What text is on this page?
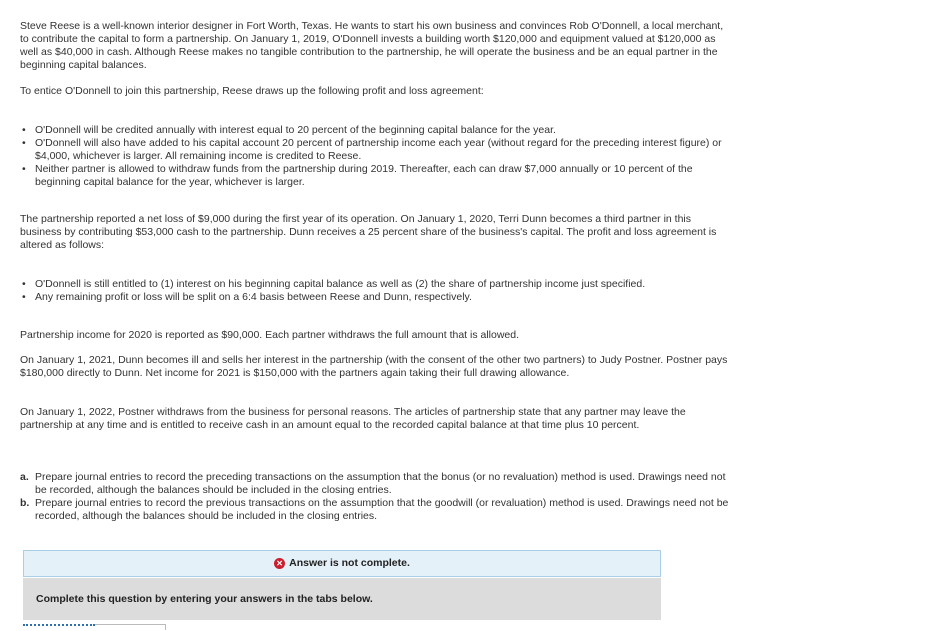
Steve Reese is a well-known interior designer in Fort Worth, Texas. He wants to start his own business and convinces Rob O'Donnell, a local merchant, to contribute the capital to form a partnership. On January 1, 2019, O'Donnell invests a building worth $120,000 and equipment valued at $120,000 as well as $40,000 in cash. Although Reese makes no tangible contribution to the partnership, he will operate the business and be an equal partner in the beginning capital balances.

To entice O'Donnell to join this partnership, Reese draws up the following profit and loss agreement:

• O'Donnell will be credited annually with interest equal to 20 percent of the beginning capital balance for the year.
• O'Donnell will also have added to his capital account 20 percent of partnership income each year (without regard for the preceding interest figure) or $4,000, whichever is larger. All remaining income is credited to Reese.
• Neither partner is allowed to withdraw funds from the partnership during 2019. Thereafter, each can draw $7,000 annually or 10 percent of the beginning capital balance for the year, whichever is larger.

The partnership reported a net loss of $9,000 during the first year of its operation. On January 1, 2020, Terri Dunn becomes a third partner in this business by contributing $53,000 cash to the partnership. Dunn receives a 25 percent share of the business's capital. The profit and loss agreement is altered as follows:

• O'Donnell is still entitled to (1) interest on his beginning capital balance as well as (2) the share of partnership income just specified.
• Any remaining profit or loss will be split on a 6:4 basis between Reese and Dunn, respectively.

Partnership income for 2020 is reported as $90,000. Each partner withdraws the full amount that is allowed.

On January 1, 2021, Dunn becomes ill and sells her interest in the partnership (with the consent of the other two partners) to Judy Postner. Postner pays $180,000 directly to Dunn. Net income for 2021 is $150,000 with the partners again taking their full drawing allowance.

On January 1, 2022, Postner withdraws from the business for personal reasons. The articles of partnership state that any partner may leave the partnership at any time and is entitled to receive cash in an amount equal to the recorded capital balance at that time plus 10 percent.

a. Prepare journal entries to record the preceding transactions on the assumption that the bonus (or no revaluation) method is used. Drawings need not be recorded, although the balances should be included in the closing entries.
b. Prepare journal entries to record the previous transactions on the assumption that the goodwill (or revaluation) method is used. Drawings need not be recorded, although the balances should be included in the closing entries.
✕ Answer is not complete.
Complete this question by entering your answers in the tabs below.
